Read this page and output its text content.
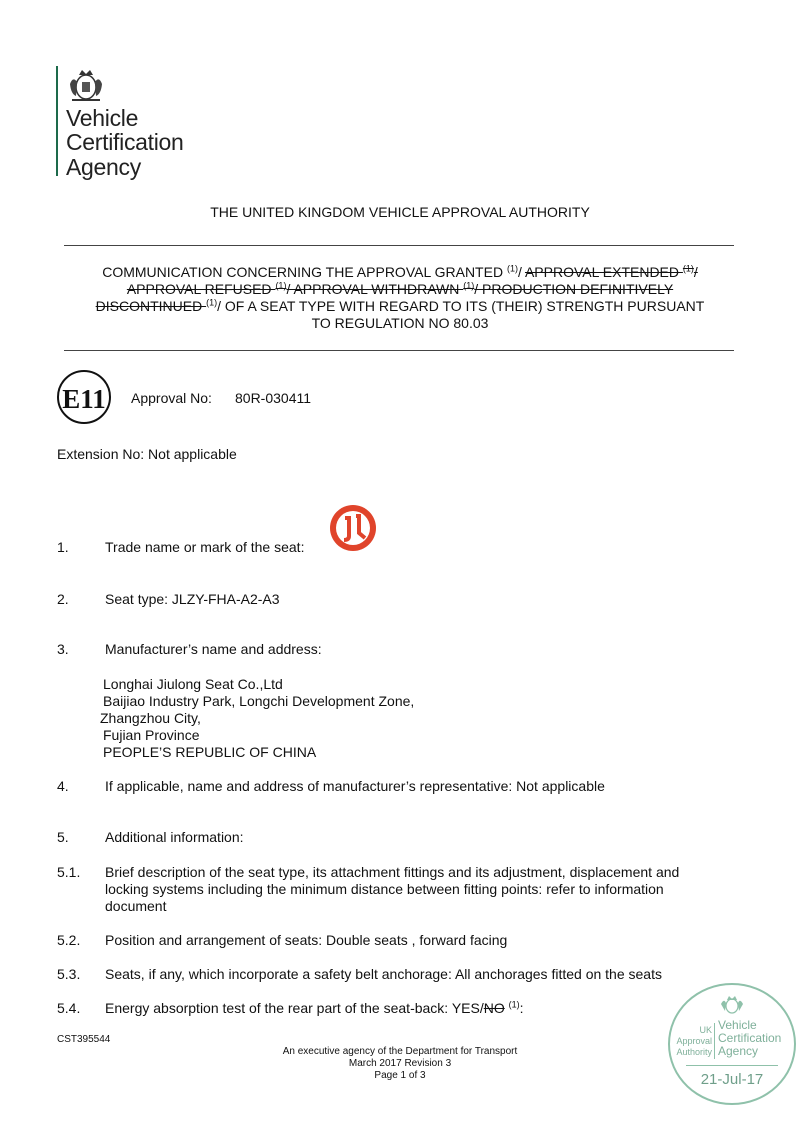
Vehicle
Certification
Agency
THE UNITED KINGDOM VEHICLE APPROVAL AUTHORITY
COMMUNICATION CONCERNING THE APPROVAL GRANTED $^{(1)}$/ APPROVAL EXTENDED $^{(1)}$/
APPROVAL REFUSED $^{(1)}$/ APPROVAL WITHDRAWN $^{(1)}$/ PRODUCTION DEFINITIVELY
DISCONTINUED $^{(1)}$/ OF A SEAT TYPE WITH REGARD TO ITS (THEIR) STRENGTH PURSUANT
TO REGULATION NO 80.03
E11	Approval No: 80R-030411
Extension No: Not applicable
1.	Trade name or mark of the seat:
2.	Seat type: JLZY-FHA-A2-A3
3.	Manufacturer’s name and address:
Longhai Jiulong Seat Co.,Ltd
Baijiao Industry Park, Longchi Development Zone,
Zhangzhou City,
Fujian Province
PEOPLE’S REPUBLIC OF CHINA
4.	If applicable, name and address of manufacturer’s representative: Not applicable
5.	Additional information:
5.1. Brief description of the seat type, its attachment fittings and its adjustment, displacement and
locking systems including the minimum distance between fitting points: refer to information
document
5.2. Position and arrangement of seats: Double seats , forward facing
5.3. Seats, if any, which incorporate a safety belt anchorage: All anchorages fitted on the seats
5.4. Energy absorption test of the rear part of the seat-back: YES/NO $^{(1)}$:
CST395544
An executive agency of the Department for Transport
March 2017 Revision 3
Page 1 of 3
UK
Approval
Authority
Vehicle
Certification
Agency
21-Jul-17
